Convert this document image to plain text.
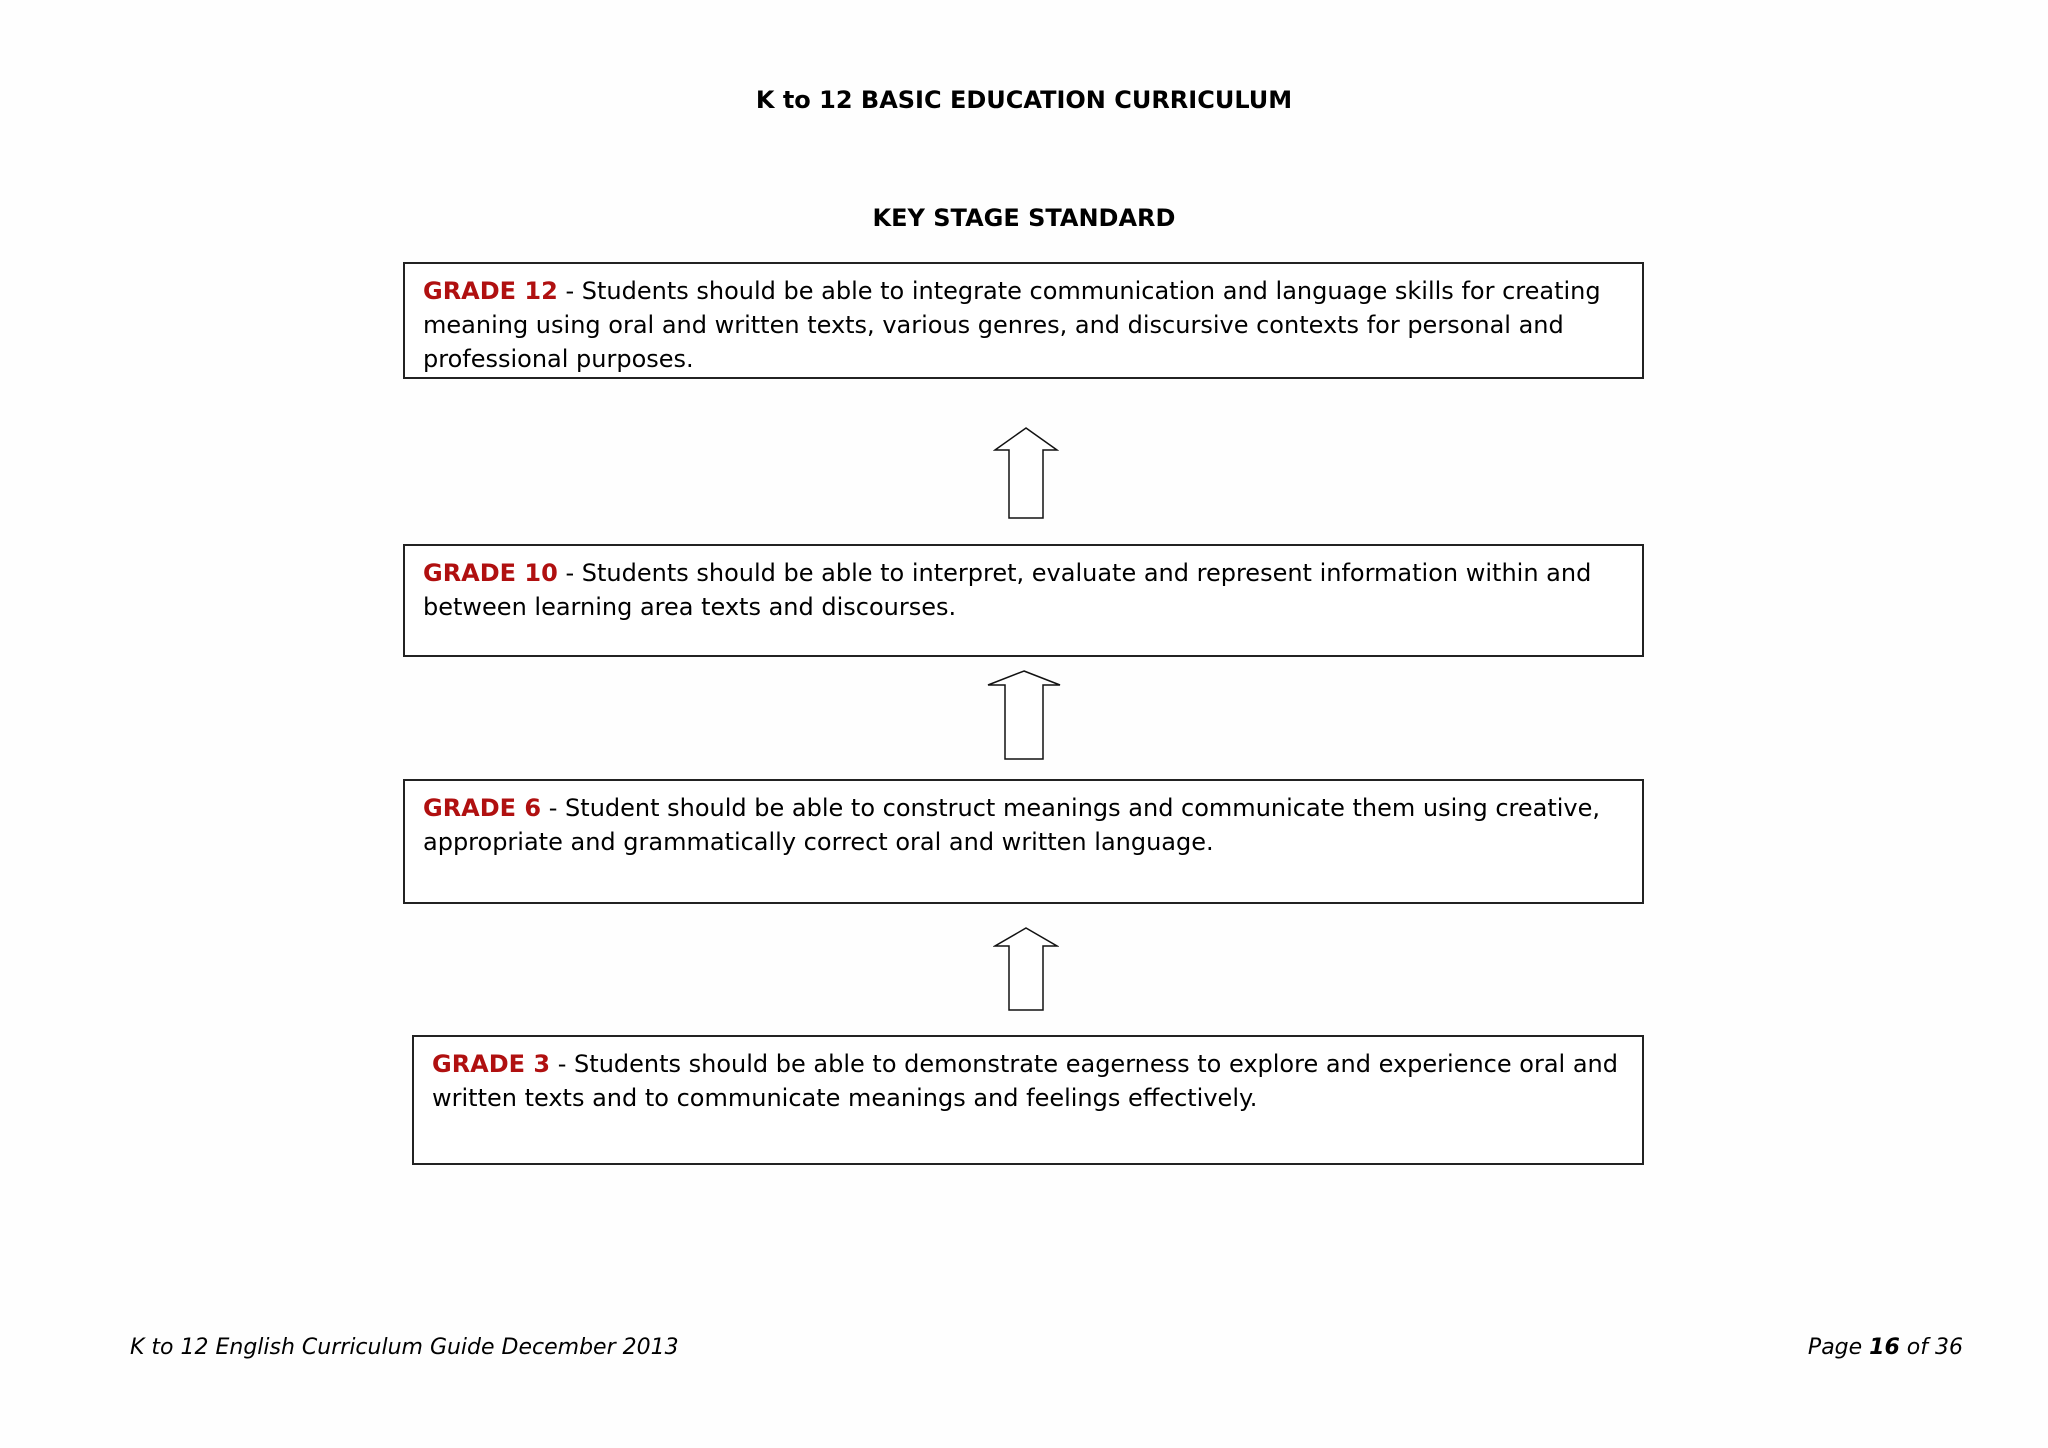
K to 12 BASIC EDUCATION CURRICULUM
KEY STAGE STANDARD
GRADE 12 - Students should be able to integrate communication and language skills for creating meaning using oral and written texts, various genres, and discursive contexts for personal and professional purposes.
GRADE 10 - Students should be able to interpret, evaluate and represent information within and between learning area texts and discourses.
GRADE 6 - Student should be able to construct meanings and communicate them using creative, appropriate and grammatically correct oral and written language.
GRADE 3 - Students should be able to demonstrate eagerness to explore and experience oral and written texts and to communicate meanings and feelings effectively.
K to 12 English Curriculum Guide December 2013	Page 16 of 36
